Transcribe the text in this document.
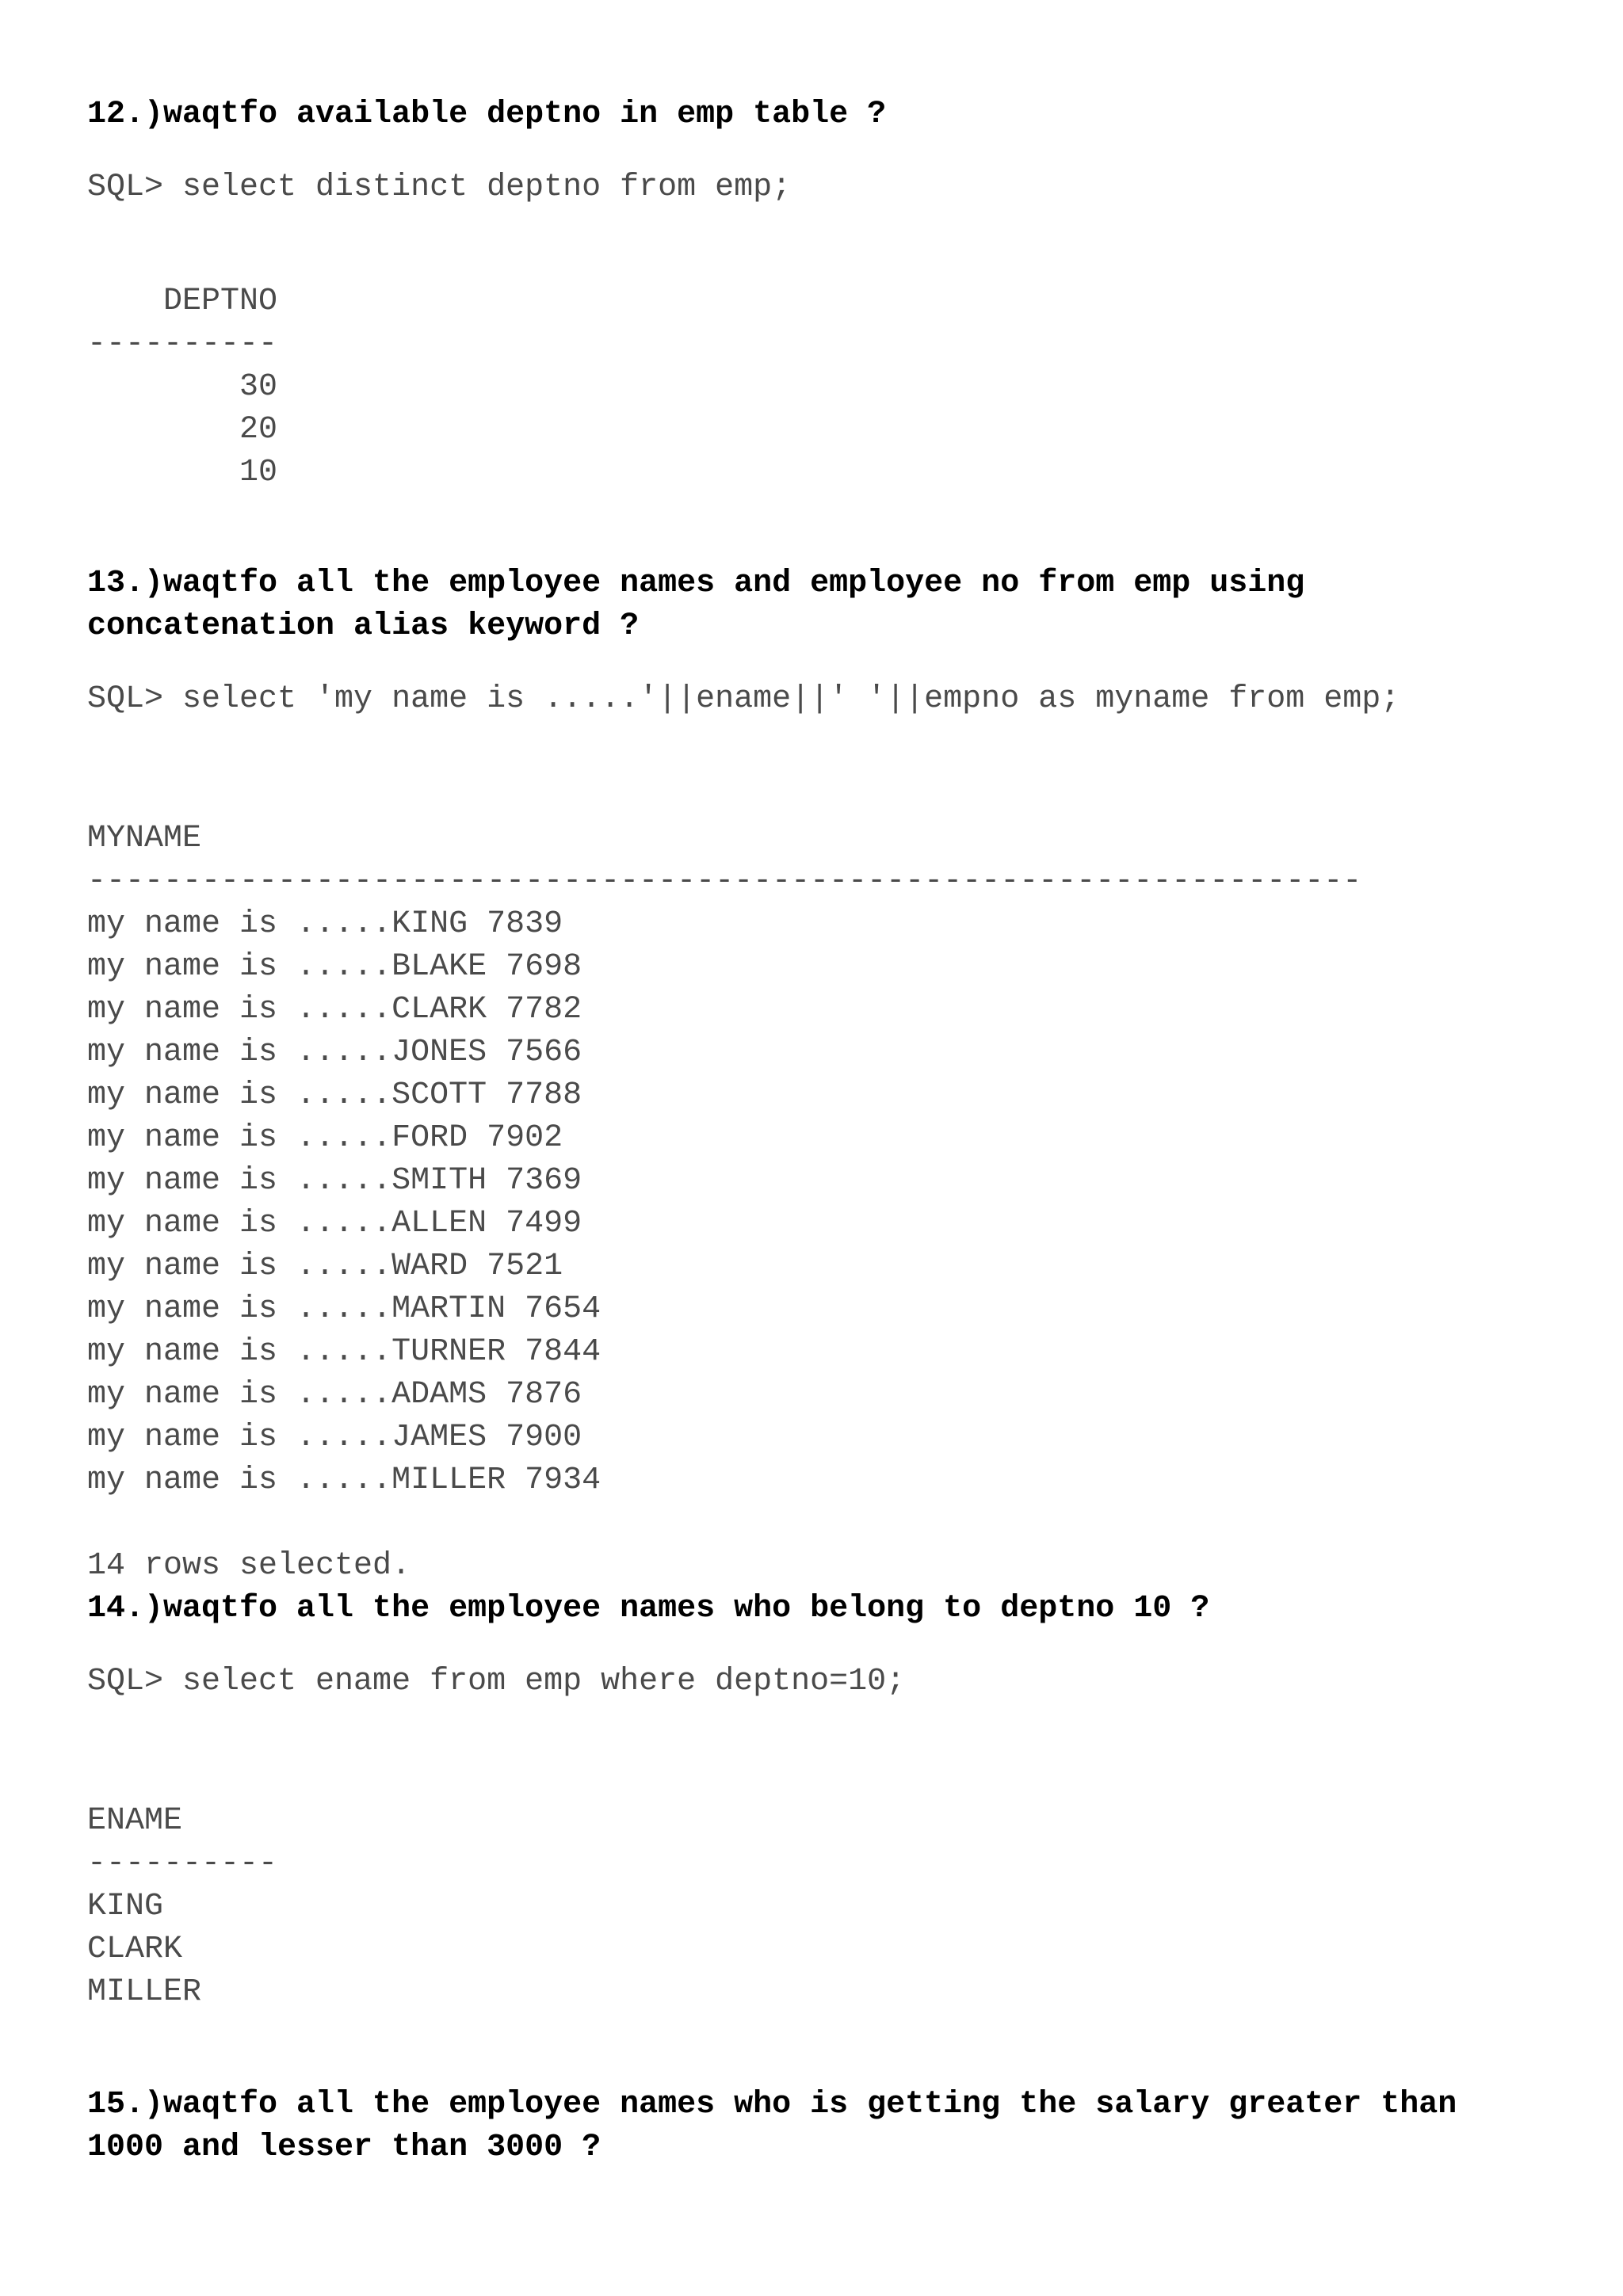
12.)waqtfo available deptno in emp table ?
SQL> select distinct deptno from emp;
DEPTNO
----------
30
20
10
13.)waqtfo all the employee names and employee no from emp using
concatenation alias keyword ?
SQL> select 'my name is .....'||ename||' '||empno as myname from emp;
MYNAME
-------------------------------------------------------------------
my name is .....KING 7839
my name is .....BLAKE 7698
my name is .....CLARK 7782
my name is .....JONES 7566
my name is .....SCOTT 7788
my name is .....FORD 7902
my name is .....SMITH 7369
my name is .....ALLEN 7499
my name is .....WARD 7521
my name is .....MARTIN 7654
my name is .....TURNER 7844
my name is .....ADAMS 7876
my name is .....JAMES 7900
my name is .....MILLER 7934
14 rows selected.
14.)waqtfo all the employee names who belong to deptno 10 ?
SQL> select ename from emp where deptno=10;
ENAME
----------
KING
CLARK
MILLER
15.)waqtfo all the employee names who is getting the salary greater than
1000 and lesser than 3000 ?
